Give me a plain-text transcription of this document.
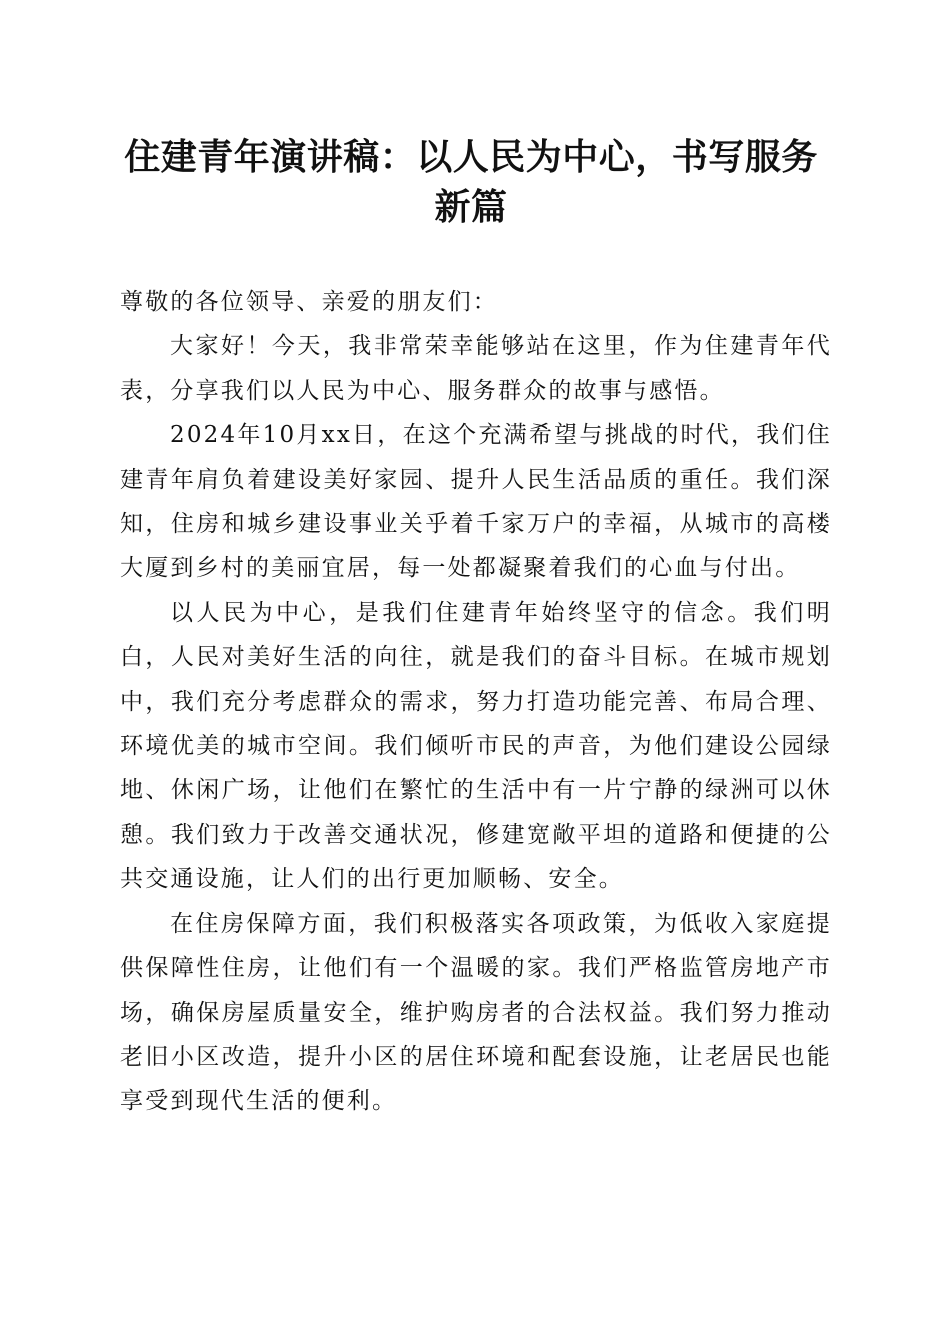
住建青年演讲稿：以人民为中心，书写服务新篇

尊敬的各位领导、亲爱的朋友们：

大家好！今天，我非常荣幸能够站在这里，作为住建青年代表，分享我们以人民为中心、服务群众的故事与感悟。

2024年10月xx日，在这个充满希望与挑战的时代，我们住建青年肩负着建设美好家园、提升人民生活品质的重任。我们深知，住房和城乡建设事业关乎着千家万户的幸福，从城市的高楼大厦到乡村的美丽宜居，每一处都凝聚着我们的心血与付出。

以人民为中心，是我们住建青年始终坚守的信念。我们明白，人民对美好生活的向往，就是我们的奋斗目标。在城市规划中，我们充分考虑群众的需求，努力打造功能完善、布局合理、环境优美的城市空间。我们倾听市民的声音，为他们建设公园绿地、休闲广场，让他们在繁忙的生活中有一片宁静的绿洲可以休憩。我们致力于改善交通状况，修建宽敞平坦的道路和便捷的公共交通设施，让人们的出行更加顺畅、安全。

在住房保障方面，我们积极落实各项政策，为低收入家庭提供保障性住房，让他们有一个温暖的家。我们严格监管房地产市场，确保房屋质量安全，维护购房者的合法权益。我们努力推动老旧小区改造，提升小区的居住环境和配套设施，让老居民也能享受到现代生活的便利。
